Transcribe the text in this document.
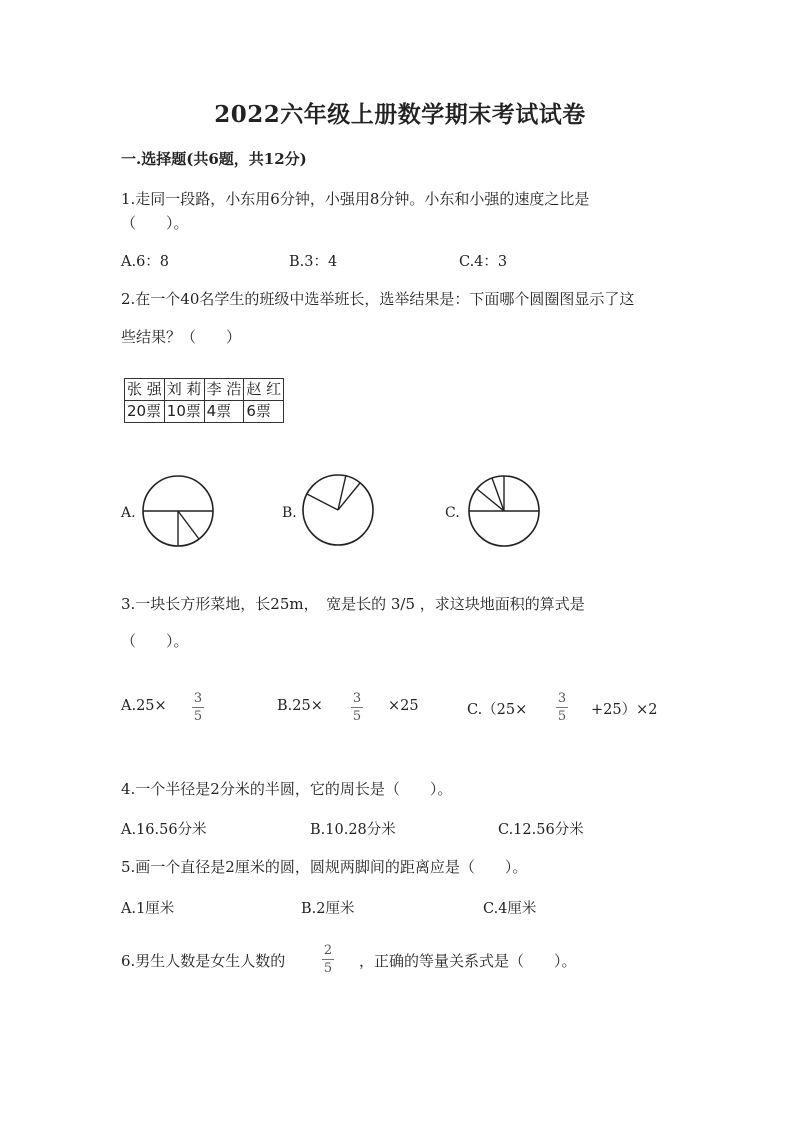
2022六年级上册数学期末考试试卷
一.选择题(共6题，共12分)
1.走同一段路，小东用6分钟，小强用8分钟。小东和小强的速度之比是
（　　）。
A.6：8	B.3：4	C.4：3
2.在一个40名学生的班级中选举班长，选举结果是：下面哪个圆圈图显示了这
些结果？（　　）
张 强	刘 莉	李 浩	赵 红
20票	10票	4票	6票
A.	B.	C.
3.一块长方形菜地，长25m，　宽是长的 3/5 ，求这块地面积的算式是
（　　）。
A.25× 3
5
B.25× 3
5
×25	C.（25×
3
5 +25）×2
4.一个半径是2分米的半圆，它的周长是（　　）。
A.16.56分米	B.10.28分米	C.12.56分米
5.画一个直径是2厘米的圆，圆规两脚间的距离应是（　　）。
A.1厘米	B.2厘米	C.4厘米
6.男生人数是女生人数的
2
5 ，正确的等量关系式是（　　）。
